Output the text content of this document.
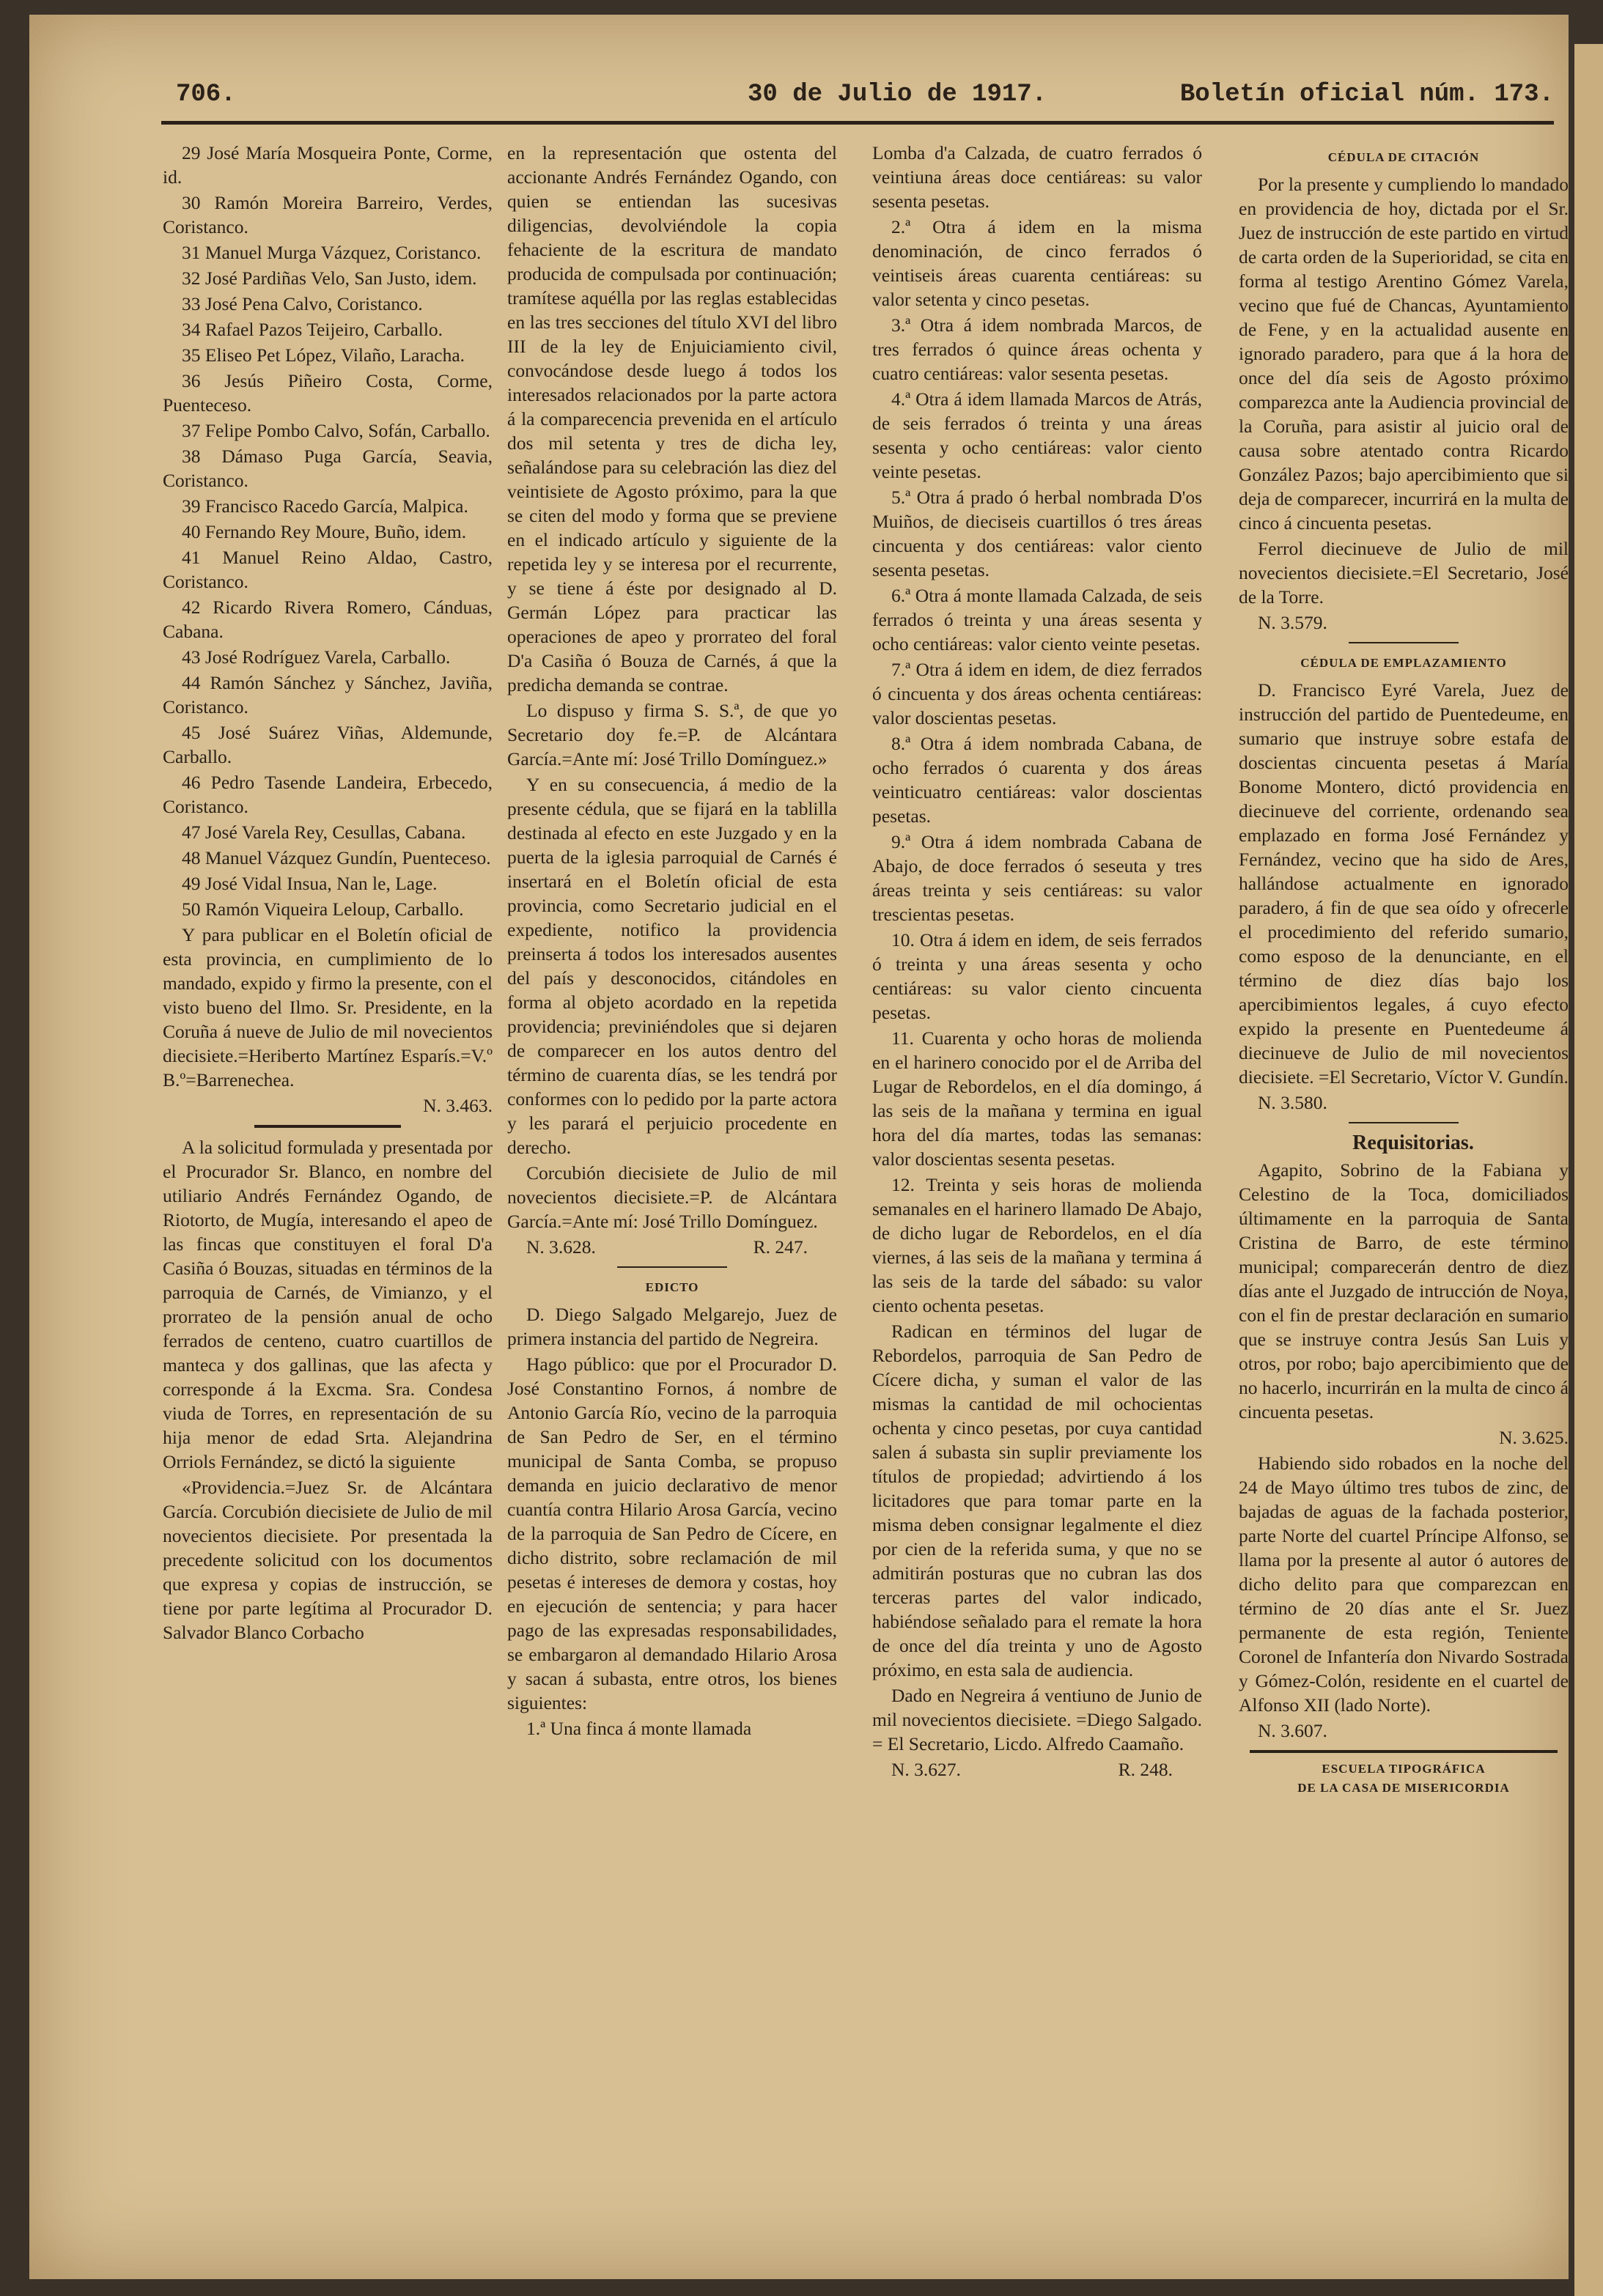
706.	30 de Julio de 1917.	Boletín oficial núm. 173.

29 José María Mosqueira Ponte, Corme, id.

30 Ramón Moreira Barreiro, Verdes, Coristanco.

31 Manuel Murga Vázquez, Coristanco.

32 José Pardiñas Velo, San Justo, idem.

33 José Pena Calvo, Coristanco.

34 Rafael Pazos Teijeiro, Carballo.

35 Eliseo Pet López, Vilaño, Laracha.

36 Jesús Piñeiro Costa, Corme, Puenteceso.

37 Felipe Pombo Calvo, Sofán, Carballo.

38 Dámaso Puga García, Seavia, Coristanco.

39 Francisco Racedo García, Malpica.

40 Fernando Rey Moure, Buño, idem.

41 Manuel Reino Aldao, Castro, Coristanco.

42 Ricardo Rivera Romero, Cánduas, Cabana.

43 José Rodríguez Varela, Carballo.

44 Ramón Sánchez y Sánchez, Javiña, Coristanco.

45 José Suárez Viñas, Aldemunde, Carballo.

46 Pedro Tasende Landeira, Erbecedo, Coristanco.

47 José Varela Rey, Cesullas, Cabana.

48 Manuel Vázquez Gundín, Puenteceso.

49 José Vidal Insua, Nan le, Lage.

50 Ramón Viqueira Leloup, Carballo.

Y para publicar en el Boletín oficial de esta provincia, en cumplimiento de lo mandado, expido y firmo la presente, con el visto bueno del Ilmo. Sr. Presidente, en la Coruña á nueve de Julio de mil novecientos diecisiete.=Heriberto Martínez Esparís.=V.º B.º=Barrenechea.

N. 3.463.

A la solicitud formulada y presentada por el Procurador Sr. Blanco, en nombre del utiliario Andrés Fernández Ogando, de Riotorto, de Mugía, interesando el apeo de las fincas que constituyen el foral D'a Casiña ó Bouzas, situadas en términos de la parroquia de Carnés, de Vimianzo, y el prorrateo de la pensión anual de ocho ferrados de centeno, cuatro cuartillos de manteca y dos gallinas, que las afecta y corresponde á la Excma. Sra. Condesa viuda de Torres, en representación de su hija menor de edad Srta. Alejandrina Orriols Fernández, se dictó la siguiente

«Providencia.=Juez Sr. de Alcántara García. Corcubión diecisiete de Julio de mil novecientos diecisiete. Por presentada la precedente solicitud con los documentos que expresa y copias de instrucción, se tiene por parte legítima al Procurador D. Salvador Blanco Corbacho

en la representación que ostenta del accionante Andrés Fernández Ogando, con quien se entiendan las sucesivas diligencias, devolviéndole la copia fehaciente de la escritura de mandato producida de compulsada por continuación; tramítese aquélla por las reglas establecidas en las tres secciones del título XVI del libro III de la ley de Enjuiciamiento civil, convocándose desde luego á todos los interesados relacionados por la parte actora á la comparecencia prevenida en el artículo dos mil setenta y tres de dicha ley, señalándose para su celebración las diez del veintisiete de Agosto próximo, para la que se citen del modo y forma que se previene en el indicado artículo y siguiente de la repetida ley y se interesa por el recurrente, y se tiene á éste por designado al D. Germán López para practicar las operaciones de apeo y prorrateo del foral D'a Casiña ó Bouza de Carnés, á que la predicha demanda se contrae.

Lo dispuso y firma S. S.ª, de que yo Secretario doy fe.=P. de Alcántara García.=Ante mí: José Trillo Domínguez.»

Y en su consecuencia, á medio de la presente cédula, que se fijará en la tablilla destinada al efecto en este Juzgado y en la puerta de la iglesia parroquial de Carnés é insertará en el Boletín oficial de esta provincia, como Secretario judicial en el expediente, notifico la providencia preinserta á todos los interesados ausentes del país y desconocidos, citándoles en forma al objeto acordado en la repetida providencia; previniéndoles que si dejaren de comparecer en los autos dentro del término de cuarenta días, se les tendrá por conformes con lo pedido por la parte actora y les parará el perjuicio procedente en derecho.

Corcubión diecisiete de Julio de mil novecientos diecisiete.=P. de Alcántara García.=Ante mí: José Trillo Domínguez.

N. 3.628.	R. 247.

EDICTO

D. Diego Salgado Melgarejo, Juez de primera instancia del partido de Negreira.

Hago público: que por el Procurador D. José Constantino Fornos, á nombre de Antonio García Río, vecino de la parroquia de San Pedro de Ser, en el término municipal de Santa Comba, se propuso demanda en juicio declarativo de menor cuantía contra Hilario Arosa García, vecino de la parroquia de San Pedro de Cícere, en dicho distrito, sobre reclamación de mil pesetas é intereses de demora y costas, hoy en ejecución de sentencia; y para hacer pago de las expresadas responsabilidades, se embargaron al demandado Hilario Arosa y sacan á subasta, entre otros, los bienes siguientes:

1.ª Una finca á monte llamada

Lomba d'a Calzada, de cuatro ferrados ó veintiuna áreas doce centiáreas: su valor sesenta pesetas.

2.ª Otra á idem en la misma denominación, de cinco ferrados ó veintiseis áreas cuarenta centiáreas: su valor setenta y cinco pesetas.

3.ª Otra á idem nombrada Marcos, de tres ferrados ó quince áreas ochenta y cuatro centiáreas: valor sesenta pesetas.

4.ª Otra á idem llamada Marcos de Atrás, de seis ferrados ó treinta y una áreas sesenta y ocho centiáreas: valor ciento veinte pesetas.

5.ª Otra á prado ó herbal nombrada D'os Muiños, de dieciseis cuartillos ó tres áreas cincuenta y dos centiáreas: valor ciento sesenta pesetas.

6.ª Otra á monte llamada Calzada, de seis ferrados ó treinta y una áreas sesenta y ocho centiáreas: valor ciento veinte pesetas.

7.ª Otra á idem en idem, de diez ferrados ó cincuenta y dos áreas ochenta centiáreas: valor doscientas pesetas.

8.ª Otra á idem nombrada Cabana, de ocho ferrados ó cuarenta y dos áreas veinticuatro centiáreas: valor doscientas pesetas.

9.ª Otra á idem nombrada Cabana de Abajo, de doce ferrados ó seseuta y tres áreas treinta y seis centiáreas: su valor trescientas pesetas.

10. Otra á idem en idem, de seis ferrados ó treinta y una áreas sesenta y ocho centiáreas: su valor ciento cincuenta pesetas.

11. Cuarenta y ocho horas de molienda en el harinero conocido por el de Arriba del Lugar de Rebordelos, en el día domingo, á las seis de la mañana y termina en igual hora del día martes, todas las semanas: valor doscientas sesenta pesetas.

12. Treinta y seis horas de molienda semanales en el harinero llamado De Abajo, de dicho lugar de Rebordelos, en el día viernes, á las seis de la mañana y termina á las seis de la tarde del sábado: su valor ciento ochenta pesetas.

Radican en términos del lugar de Rebordelos, parroquia de San Pedro de Cícere dicha, y suman el valor de las mismas la cantidad de mil ochocientas ochenta y cinco pesetas, por cuya cantidad salen á subasta sin suplir previamente los títulos de propiedad; advirtiendo á los licitadores que para tomar parte en la misma deben consignar legalmente el diez por cien de la referida suma, y que no se admitirán posturas que no cubran las dos terceras partes del valor indicado, habiéndose señalado para el remate la hora de once del día treinta y uno de Agosto próximo, en esta sala de audiencia.

Dado en Negreira á ventiuno de Junio de mil novecientos diecisiete. =Diego Salgado. = El Secretario, Licdo. Alfredo Caamaño.

N. 3.627.	R. 248.

CÉDULA DE CITACIÓN

Por la presente y cumpliendo lo mandado en providencia de hoy, dictada por el Sr. Juez de instrucción de este partido en virtud de carta orden de la Superioridad, se cita en forma al testigo Arentino Gómez Varela, vecino que fué de Chancas, Ayuntamiento de Fene, y en la actualidad ausente en ignorado paradero, para que á la hora de once del día seis de Agosto próximo comparezca ante la Audiencia provincial de la Coruña, para asistir al juicio oral de causa sobre atentado contra Ricardo González Pazos; bajo apercibimiento que si deja de comparecer, incurrirá en la multa de cinco á cincuenta pesetas.

Ferrol diecinueve de Julio de mil novecientos diecisiete.=El Secretario, José de la Torre.

N. 3.579.

CÉDULA DE EMPLAZAMIENTO

D. Francisco Eyré Varela, Juez de instrucción del partido de Puentedeume, en sumario que instruye sobre estafa de doscientas cincuenta pesetas á María Bonome Montero, dictó providencia en diecinueve del corriente, ordenando sea emplazado en forma José Fernández y Fernández, vecino que ha sido de Ares, hallándose actualmente en ignorado paradero, á fin de que sea oído y ofrecerle el procedimiento del referido sumario, como esposo de la denunciante, en el término de diez días bajo los apercibimientos legales, á cuyo efecto expido la presente en Puentedeume á diecinueve de Julio de mil novecientos diecisiete. =El Secretario, Víctor V. Gundín.

N. 3.580.

Requisitorias.

Agapito, Sobrino de la Fabiana y Celestino de la Toca, domiciliados últimamente en la parroquia de Santa Cristina de Barro, de este término municipal; comparecerán dentro de diez días ante el Juzgado de intrucción de Noya, con el fin de prestar declaración en sumario que se instruye contra Jesús San Luis y otros, por robo; bajo apercibimiento que de no hacerlo, incurrirán en la multa de cinco á cincuenta pesetas.

N. 3.625.

Habiendo sido robados en la noche del 24 de Mayo último tres tubos de zinc, de bajadas de aguas de la fachada posterior, parte Norte del cuartel Príncipe Alfonso, se llama por la presente al autor ó autores de dicho delito para que comparezcan en término de 20 días ante el Sr. Juez permanente de esta región, Teniente Coronel de Infantería don Nivardo Sostrada y Gómez-Colón, residente en el cuartel de Alfonso XII (lado Norte).

N. 3.607.

ESCUELA TIPOGRÁFICA

DE LA CASA DE MISERICORDIA
